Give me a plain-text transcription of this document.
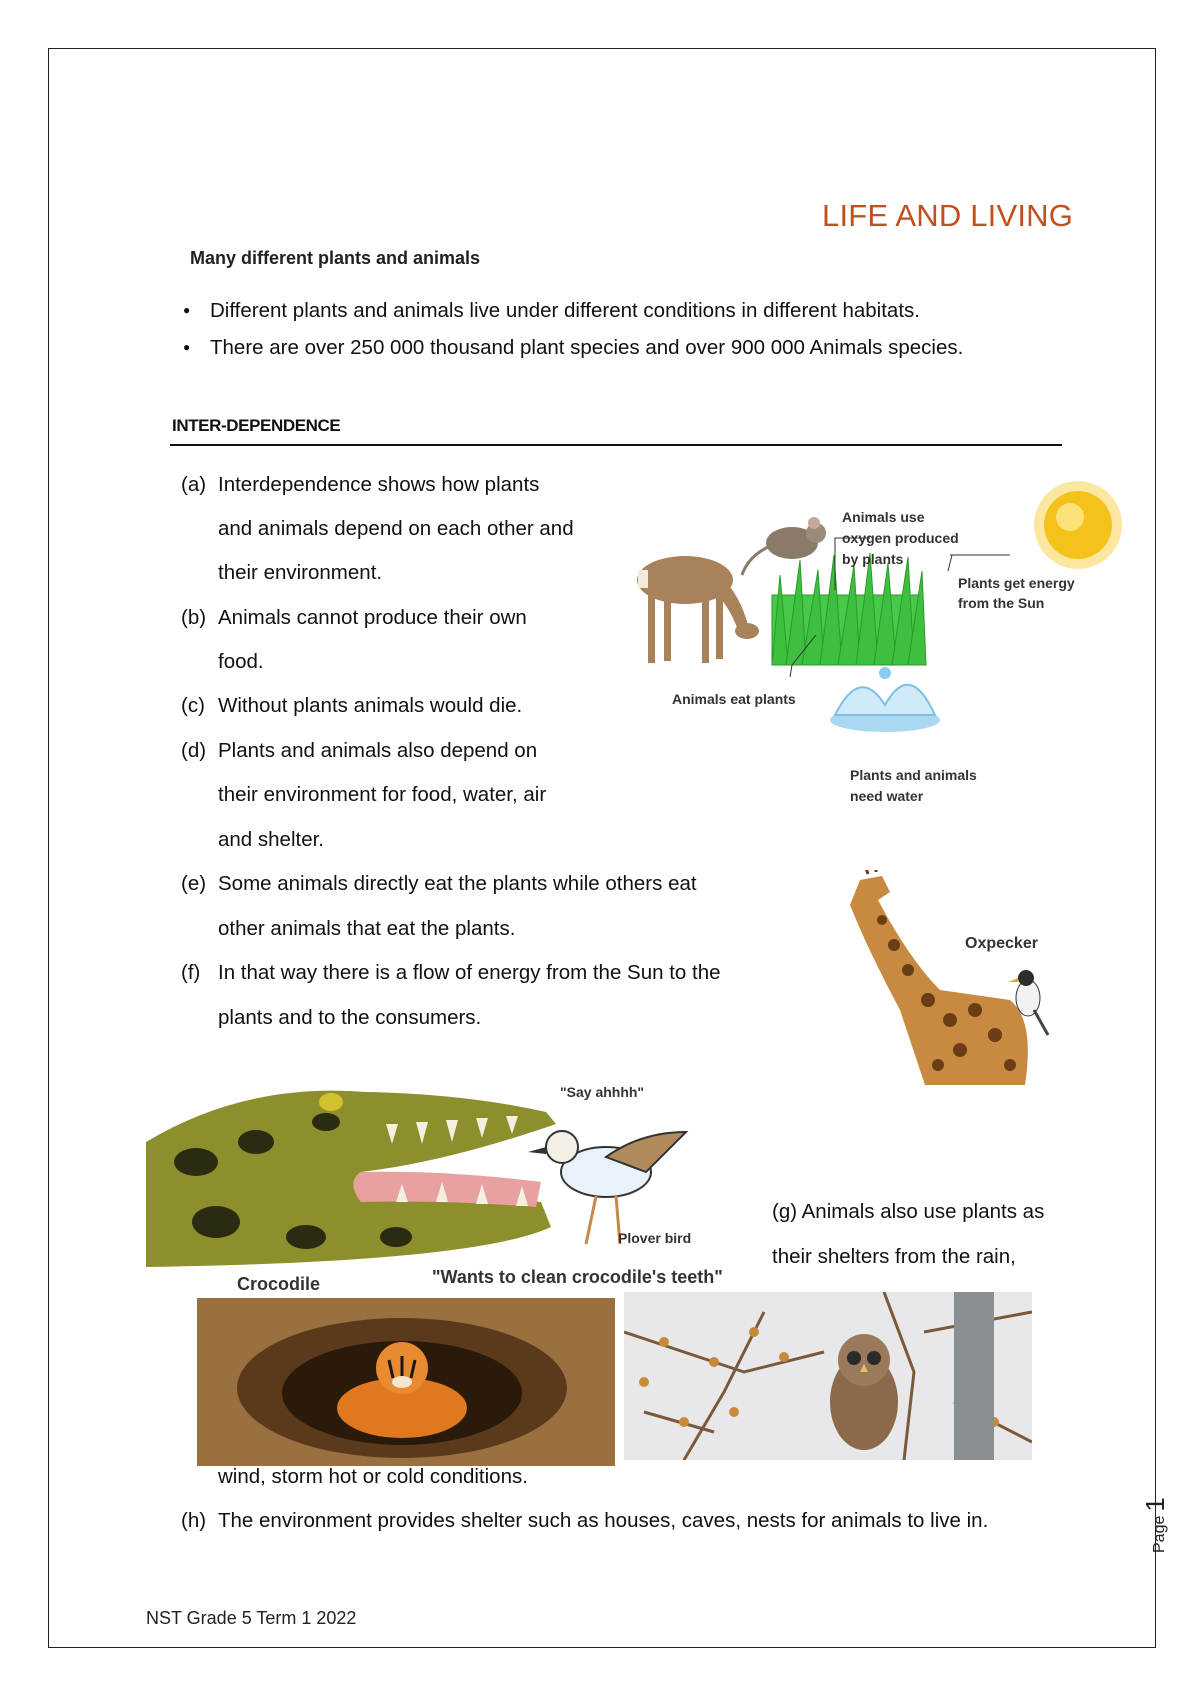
LIFE AND LIVING
Many different plants and animals
● Different plants and animals live under different conditions in different habitats.
● There are over 250 000 thousand plant species and over 900 000 Animals species.
INTER-DEPENDENCE
(a) Interdependence shows how plants
and animals depend on each other and
their environment.
(b) Animals cannot produce their own
food.
(c) Without plants animals would die.
(d) Plants and animals also depend on
their environment for food, water, air
and shelter.
(e) Some animals directly eat the plants while others eat
other animals that eat the plants.
(f) In that way there is a flow of energy from the Sun to the
plants and to the consumers.
Animals use
oxygen produced
by plants
Plants get energy
from the Sun
Animals eat plants
Plants and animals
need water
Oxpecker
"Say ahhhh"
Plover bird
Crocodile	"Wants to clean crocodile's teeth"
(g) Animals also use plants as
their shelters from the rain,
wind, storm hot or cold conditions.
(h) The environment provides shelter such as houses, caves, nests for animals to live in.
NST Grade 5 Term 1 2022
Page1
